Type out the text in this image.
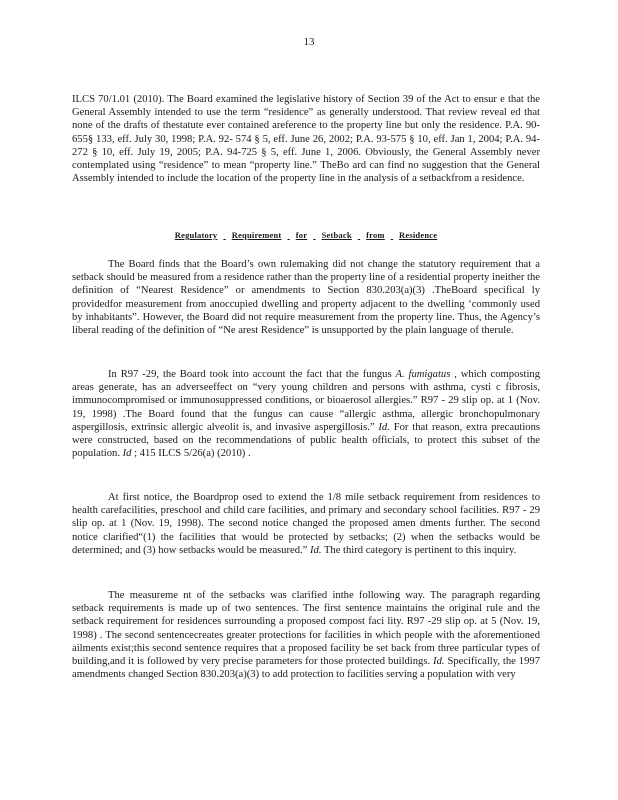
13

ILCS 70/1.01 (2010). The Board examined the legislative history of Section 39 of the Act to ensur e that the General Assembly intended to use the term “residence” as generally understood. That review reveal ed that none of the drafts of thestatute ever contained areference to the property line but only the residence. P.A. 90-655§ 133, eff. July 30, 1998; P.A. 92- 574 § 5, eff. June 26, 2002; P.A. 93-575 § 10, eff. Jan 1, 2004; P.A. 94-272 § 10, eff. July 19, 2005; P.A. 94-725 § 5, eff. June 1, 2006. Obviously, the General Assembly never contemplated using “residence” to mean “property line.” TheBo ard can find no suggestion that the General Assembly intended to include the location of the property line in the analysis of a setbackfrom a residence.

Regulatory Requirement for Setback from Residence

The Board finds that the Board’s own rulemaking did not change the statutory requirement that a setback should be measured from a residence rather than the property line of a residential property ineither the definition of “Nearest Residence” or amendments to Section 830.203(a)(3) .TheBoard specifical ly providedfor measurement from anoccupied dwelling and property adjacent to the dwelling ‘commonly used by inhabitants”. However, the Board did not require measurement from the property line. Thus, the Agency’s liberal reading of the definition of “Ne arest Residence” is unsupported by the plain language of therule.

In R97 -29, the Board took into account the fact that the fungus A. fumigatus , which composting areas generate, has an adverseeffect on “very young children and persons with asthma, cysti c fibrosis, immunocompromised or immunosuppressed conditions, or bioaerosol allergies.” R97 - 29 slip op. at 1 (Nov. 19, 1998) .The Board found that the fungus can cause “allergic asthma, allergic bronchopulmonary aspergillosis, extrinsic allergic alveolit is, and invasive aspergillosis.” Id. For that reason, extra precautions were constructed, based on the recommendations of public health officials, to protect this subset of the population. Id ; 415 ILCS 5/26(a) (2010) .

At first notice, the Boardprop osed to extend the 1/8 mile setback requirement from residences to health carefacilities, preschool and child care facilities, and primary and secondary school facilities. R97 - 29 slip op. at 1 (Nov. 19, 1998). The second notice changed the proposed amen dments further. The second notice clarified“(1) the facilities that would be protected by setbacks; (2) when the setbacks would be determined; and (3) how setbacks would be measured.” Id. The third category is pertinent to this inquiry.

The measureme nt of the setbacks was clarified inthe following way. The paragraph regarding setback requirements is made up of two sentences. The first sentence maintains the original rule and the setback requirement for residences surrounding a proposed compost faci lity. R97 -29 slip op. at 5 (Nov. 19, 1998) . The second sentencecreates greater protections for facilities in which people with the aforementioned ailments exist;this second sentence requires that a proposed facility be set back from three particular types of building,and it is followed by very precise parameters for those protected buildings. Id. Specifically, the 1997 amendments changed Section 830.203(a)(3) to add protection to facilities serving a population with very
